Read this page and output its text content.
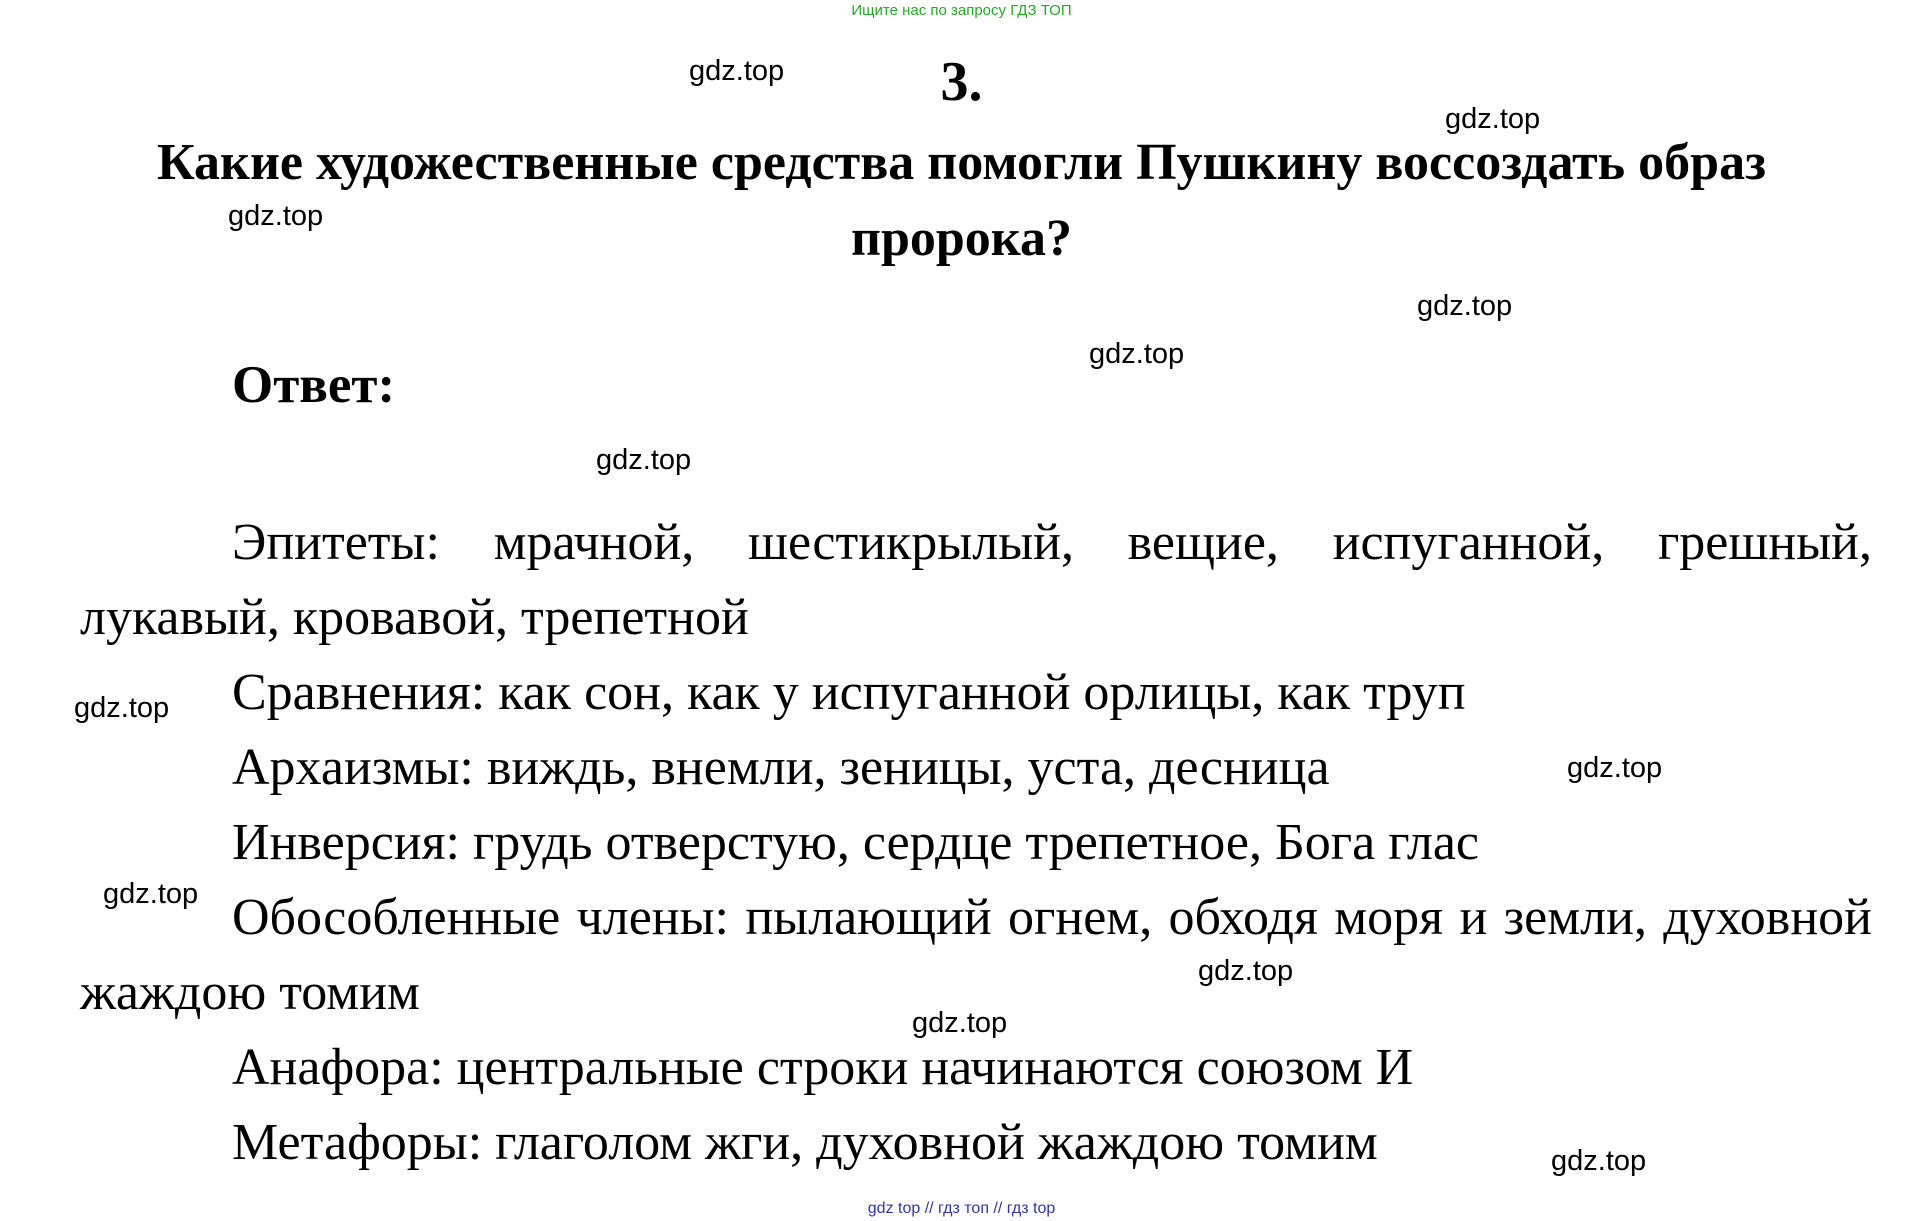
Ищите нас по запросу ГДЗ ТОП
3.
Какие художественные средства помогли Пушкину воссоздать образ пророка?
Ответ:
Эпитеты: мрачной, шестикрылый, вещие, испуганной, грешный, лукавый, кровавой, трепетной
Сравнения: как сон, как у испуганной орлицы, как труп
Архаизмы: виждь, внемли, зеницы, уста, десница
Инверсия: грудь отверстую, сердце трепетное, Бога глас
Обособленные члены: пылающий огнем, обходя моря и земли, духовной жаждою томим
Анафора: центральные строки начинаются союзом И
Метафоры: глаголом жги, духовной жаждою томим
gdz.top
gdz.top
gdz.top
gdz.top
gdz.top
gdz.top
gdz.top
gdz.top
gdz.top
gdz.top
gdz.top
gdz.top
gdz top // гдз топ // гдз top
